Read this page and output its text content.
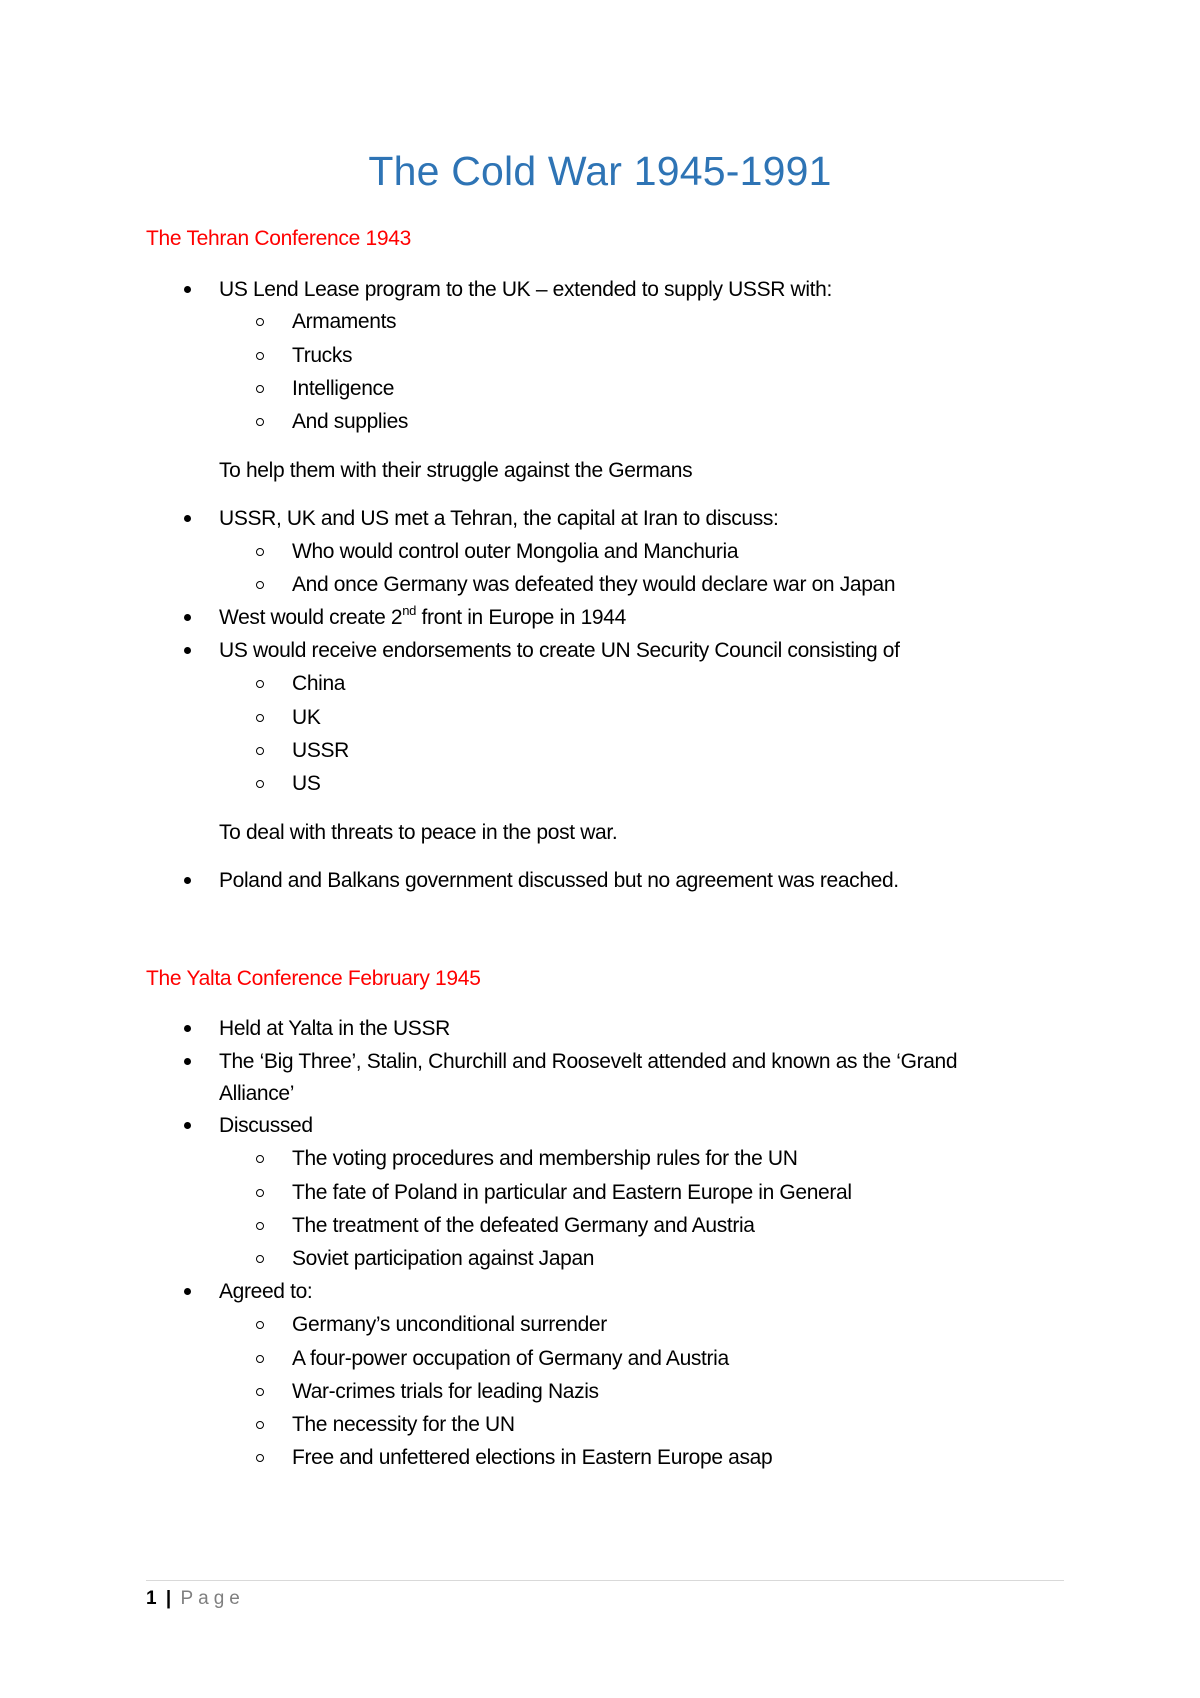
The Cold War 1945-1991
The Tehran Conference 1943
US Lend Lease program to the UK – extended to supply USSR with:
Armaments
Trucks
Intelligence
And supplies
To help them with their struggle against the Germans
USSR, UK and US met a Tehran, the capital at Iran to discuss:
Who would control outer Mongolia and Manchuria
And once Germany was defeated they would declare war on Japan
West would create 2nd front in Europe in 1944
US would receive endorsements to create UN Security Council consisting of
China
UK
USSR
US
To deal with threats to peace in the post war.
Poland and Balkans government discussed but no agreement was reached.
The Yalta Conference February 1945
Held at Yalta in the USSR
The ‘Big Three’, Stalin, Churchill and Roosevelt attended and known as the ‘Grand
Alliance’
Discussed
The voting procedures and membership rules for the UN
The fate of Poland in particular and Eastern Europe in General
The treatment of the defeated Germany and Austria
Soviet participation against Japan
Agreed to:
Germany’s unconditional surrender
A four-power occupation of Germany and Austria
War-crimes trials for leading Nazis
The necessity for the UN
Free and unfettered elections in Eastern Europe asap
1 | Page
